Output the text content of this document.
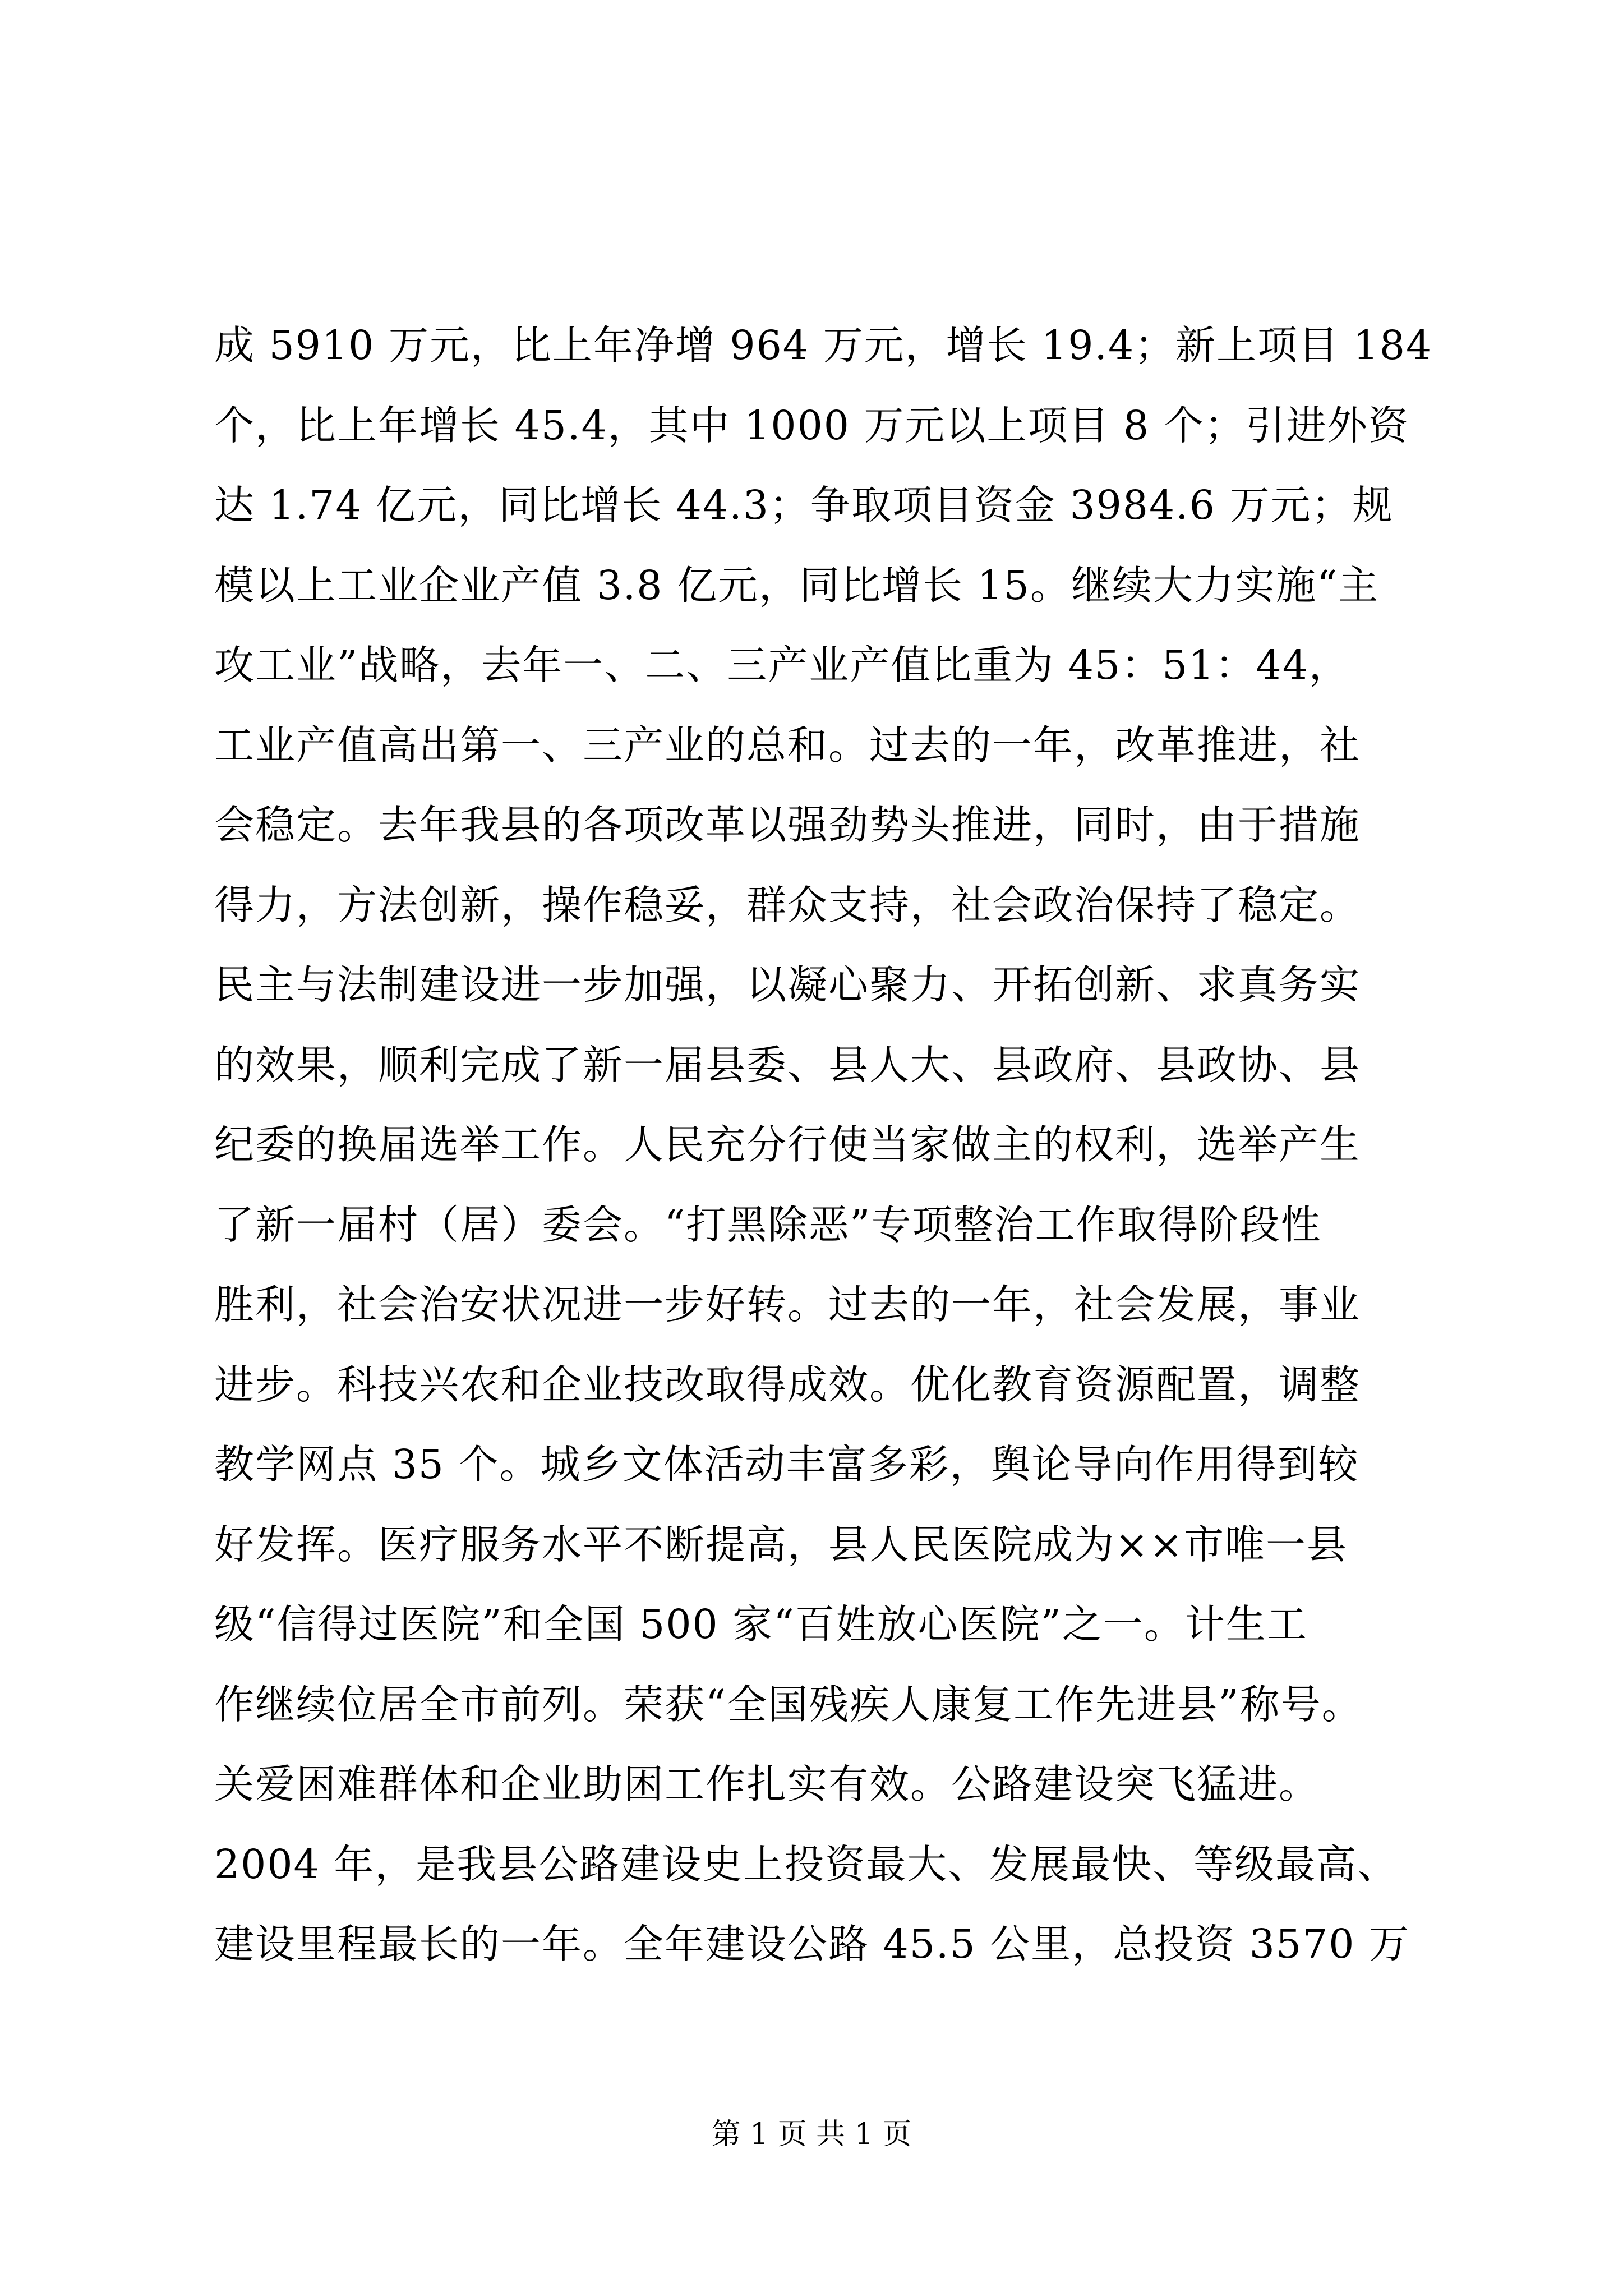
成 5910 万元，比上年净增 964 万元，增长 19.4；新上项目 184
个，比上年增长 45.4，其中 1000 万元以上项目 8 个；引进外资
达 1.74 亿元，同比增长 44.3；争取项目资金 3984.6 万元；规
模以上工业企业产值 3.8 亿元，同比增长 15。继续大力实施“主
攻工业”战略，去年一、二、三产业产值比重为 45：51：44，
工业产值高出第一、三产业的总和。过去的一年，改革推进，社
会稳定。去年我县的各项改革以强劲势头推进，同时，由于措施
得力，方法创新，操作稳妥，群众支持，社会政治保持了稳定。
民主与法制建设进一步加强，以凝心聚力、开拓创新、求真务实
的效果，顺利完成了新一届县委、县人大、县政府、县政协、县
纪委的换届选举工作。人民充分行使当家做主的权利，选举产生
了新一届村（居）委会。“打黑除恶”专项整治工作取得阶段性
胜利，社会治安状况进一步好转。过去的一年，社会发展，事业
进步。科技兴农和企业技改取得成效。优化教育资源配置，调整
教学网点 35 个。城乡文体活动丰富多彩，舆论导向作用得到较
好发挥。医疗服务水平不断提高，县人民医院成为××市唯一县
级“信得过医院”和全国 500 家“百姓放心医院”之一。计生工
作继续位居全市前列。荣获“全国残疾人康复工作先进县”称号。
关爱困难群体和企业助困工作扎实有效。公路建设突飞猛进。
2004 年，是我县公路建设史上投资最大、发展最快、等级最高、
建设里程最长的一年。全年建设公路 45.5 公里，总投资 3570 万
第 1 页 共 1 页
